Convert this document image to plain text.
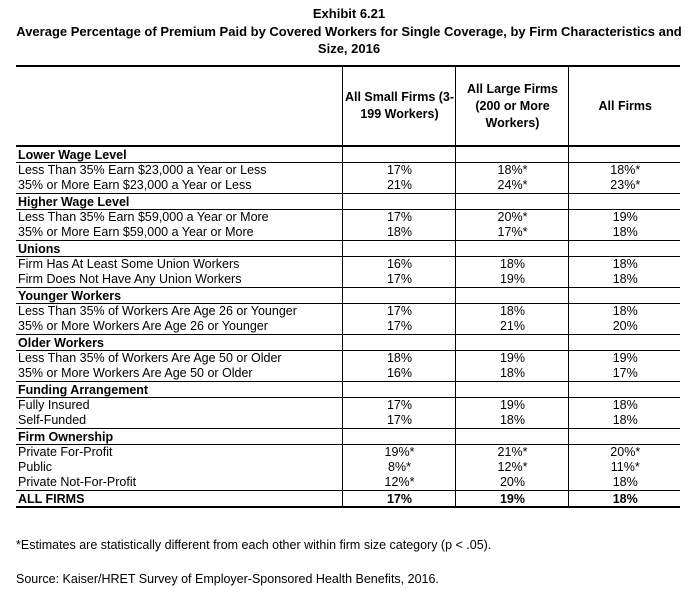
Exhibit 6.21
Average Percentage of Premium Paid by Covered Workers for Single Coverage, by Firm Characteristics and Size, 2016

	All Small Firms (3-199 Workers)	All Large Firms (200 or More Workers)	All Firms
Lower Wage Level			
Less Than 35% Earn $23,000 a Year or Less	17%	18%*	18%*
35% or More Earn $23,000 a Year or Less	21%	24%*	23%*
Higher Wage Level			
Less Than 35% Earn $59,000 a Year or More	17%	20%*	19%
35% or More Earn $59,000 a Year or More	18%	17%*	18%
Unions			
Firm Has At Least Some Union Workers	16%	18%	18%
Firm Does Not Have Any Union Workers	17%	19%	18%
Younger Workers			
Less Than 35% of Workers Are Age 26 or Younger	17%	18%	18%
35% or More Workers Are Age 26 or Younger	17%	21%	20%
Older Workers			
Less Than 35% of Workers Are Age 50 or Older	18%	19%	19%
35% or More Workers Are Age 50 or Older	16%	18%	17%
Funding Arrangement			
Fully Insured	17%	19%	18%
Self-Funded	17%	18%	18%
Firm Ownership			
Private For-Profit	19%*	21%*	20%*
Public	8%*	12%*	11%*
Private Not-For-Profit	12%*	20%	18%
ALL FIRMS	17%	19%	18%
*Estimates are statistically different from each other within firm size category (p < .05).
Source: Kaiser/HRET Survey of Employer-Sponsored Health Benefits, 2016.
